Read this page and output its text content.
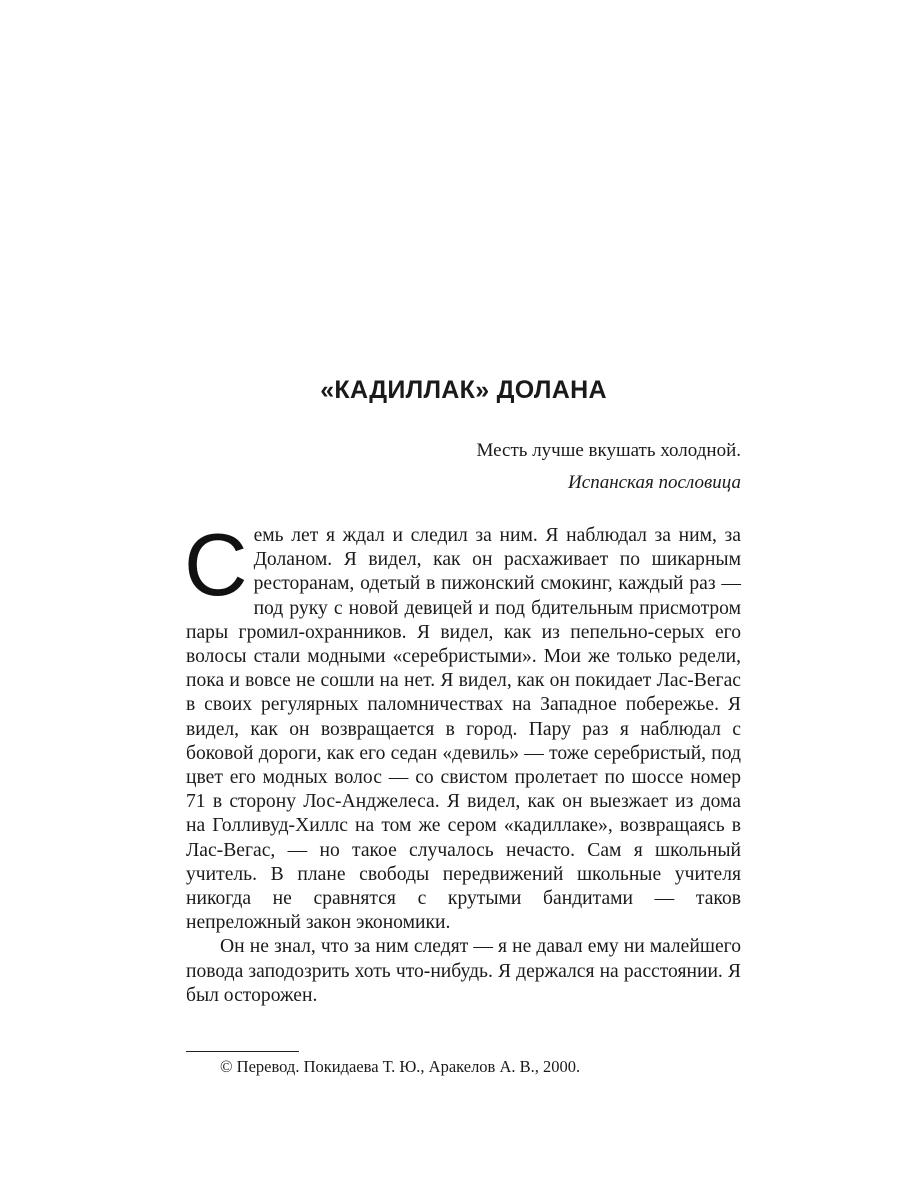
«КАДИЛЛАК» ДОЛАНА
Месть лучше вкушать холодной.
Испанская пословица

Семь лет я ждал и следил за ним. Я наблюдал за ним, за Доланом. Я видел, как он расхаживает по шикарным ресторанам, одетый в пижонский смокинг, каждый раз — под руку с новой девицей и под бдительным присмотром пары громил-охранников. Я видел, как из пепельно-серых его волосы стали модными «серебристыми». Мои же только редели, пока и вовсе не сошли на нет. Я видел, как он покидает Лас-Вегас в своих регулярных паломничествах на Западное побережье. Я видел, как он возвращается в город. Пару раз я наблюдал с боковой дороги, как его седан «девиль» — тоже серебристый, под цвет его модных волос — со свистом пролетает по шоссе номер 71 в сторону Лос-Анджелеса. Я видел, как он выезжает из дома на Голливуд-Хиллс на том же сером «кадиллаке», возвращаясь в Лас-Вегас, — но такое случалось нечасто. Сам я школьный учитель. В плане свободы передвижений школьные учителя никогда не сравнятся с крутыми бандитами — таков непреложный закон экономики.

Он не знал, что за ним следят — я не давал ему ни малейшего повода заподозрить хоть что-нибудь. Я держался на расстоянии. Я был осторожен.

© Перевод. Покидаева Т. Ю., Аракелов А. В., 2000.
